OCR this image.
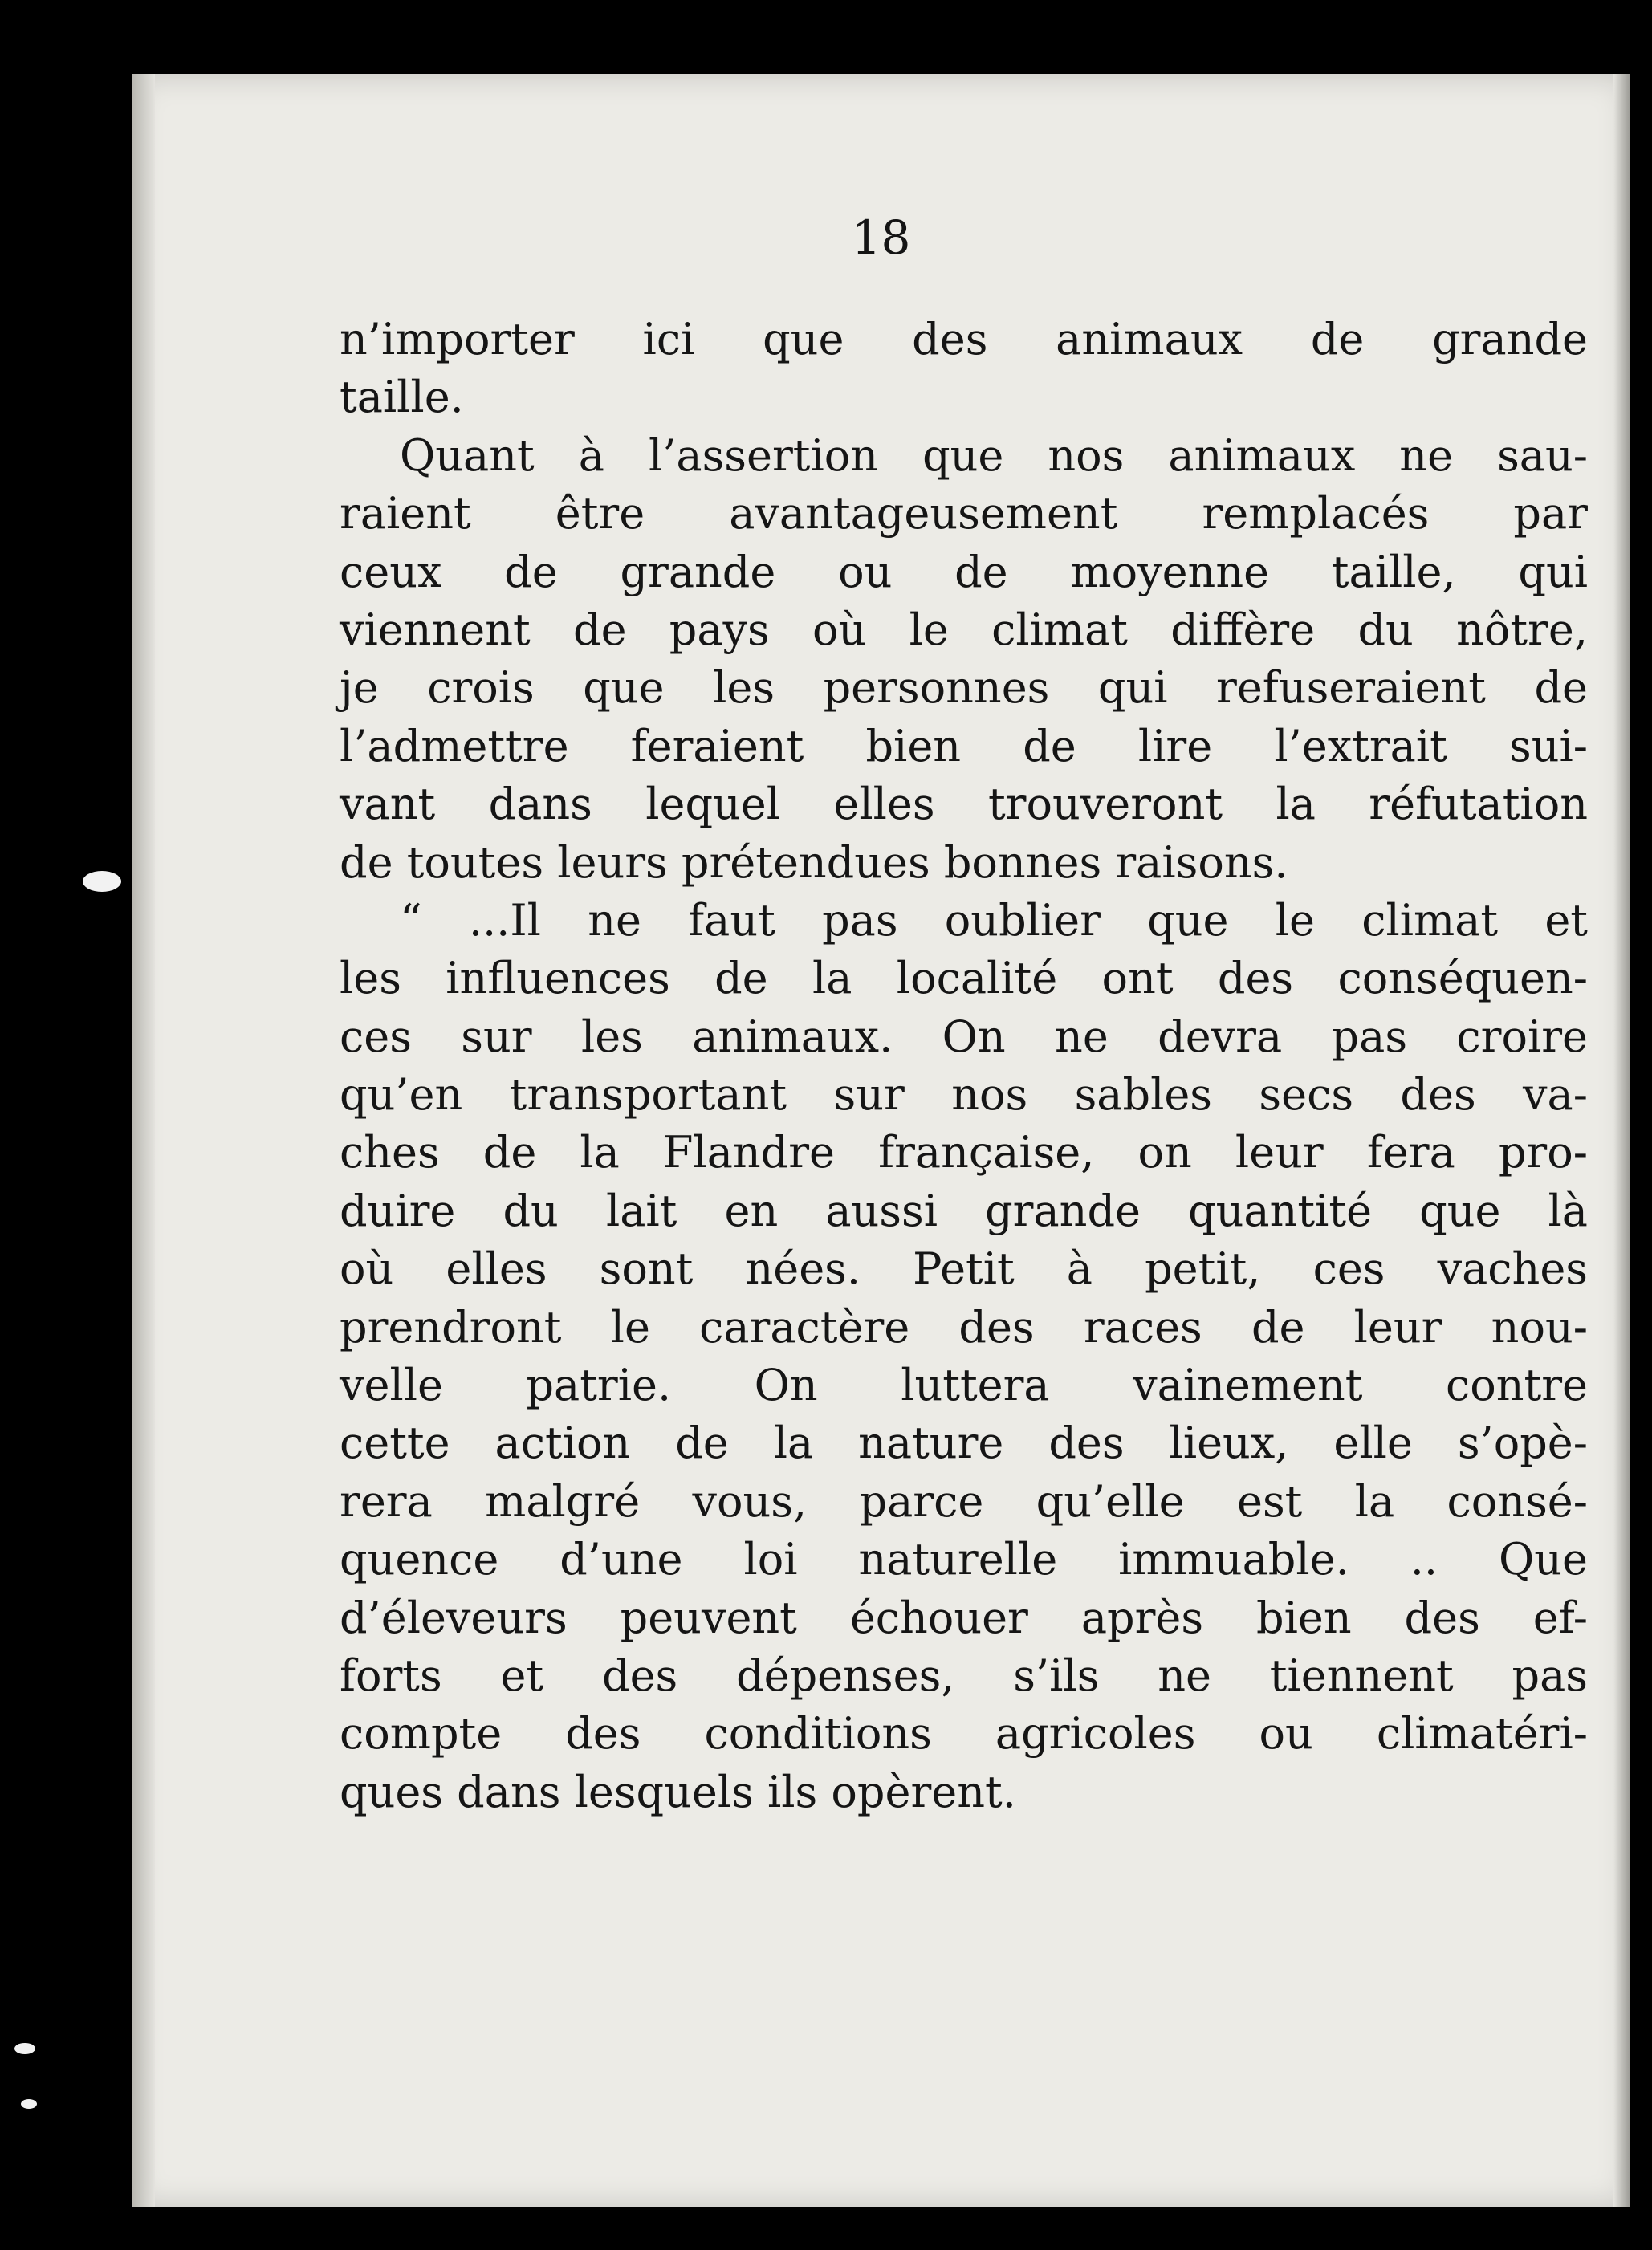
18
n’importer ici que des animaux de grande
taille.
Quant à l’assertion que nos animaux ne sau-
raient être avantageusement remplacés par
ceux de grande ou de moyenne taille, qui
viennent de pays où le climat diffère du nôtre,
je crois que les personnes qui refuseraient de
l’admettre feraient bien de lire l’extrait sui-
vant dans lequel elles trouveront la réfutation
de toutes leurs prétendues bonnes raisons.
“ ...Il ne faut pas oublier que le climat et
les influences de la localité ont des conséquen-
ces sur les animaux. On ne devra pas croire
qu’en transportant sur nos sables secs des va-
ches de la Flandre française, on leur fera pro-
duire du lait en aussi grande quantité que là
où elles sont nées. Petit à petit, ces vaches
prendront le caractère des races de leur nou-
velle patrie. On luttera vainement contre
cette action de la nature des lieux, elle s’opè-
rera malgré vous, parce qu’elle est la consé-
quence d’une loi naturelle immuable. .. Que
d’éleveurs peuvent échouer après bien des ef-
forts et des dépenses, s’ils ne tiennent pas
compte des conditions agricoles ou climatéri-
ques dans lesquels ils opèrent.
